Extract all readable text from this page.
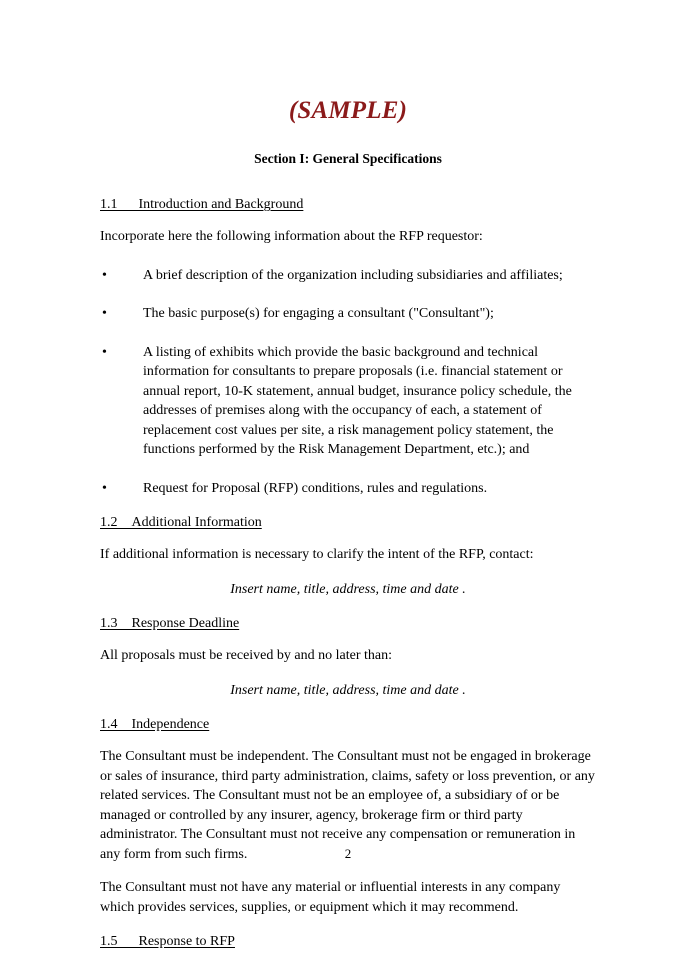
(SAMPLE)
Section I: General Specifications
1.1 Introduction and Background
Incorporate here the following information about the RFP requestor:
•	A brief description of the organization including subsidiaries and affiliates;
•	The basic purpose(s) for engaging a consultant ("Consultant");
•	A listing of exhibits which provide the basic background and technical information for consultants to prepare proposals (i.e. financial statement or annual report, 10-K statement, annual budget, insurance policy schedule, the addresses of premises along with the occupancy of each, a statement of replacement cost values per site, a risk management policy statement, the functions performed by the Risk Management Department, etc.); and
•	Request for Proposal (RFP) conditions, rules and regulations.
1.2 Additional Information
If additional information is necessary to clarify the intent of the RFP, contact:
Insert name, title, address, time and date .
1.3 Response Deadline
All proposals must be received by and no later than:
Insert name, title, address, time and date .
1.4 Independence
The Consultant must be independent. The Consultant must not be engaged in brokerage or sales of insurance, third party administration, claims, safety or loss prevention, or any related services. The Consultant must not be an employee of, a subsidiary of or be managed or controlled by any insurer, agency, brokerage firm or third party administrator. The Consultant must not receive any compensation or remuneration in any form from such firms.
The Consultant must not have any material or influential interests in any company which provides services, supplies, or equipment which it may recommend.
1.5 Response to RFP
2
